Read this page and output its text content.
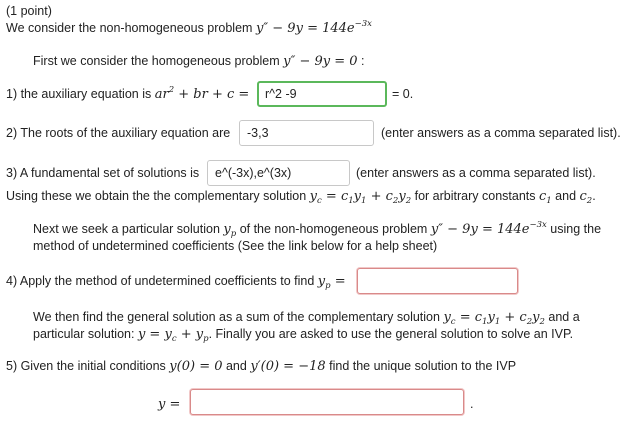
(1 point)
We consider the non-homogeneous problem $y'' - 9y = 144e^{-3x}$
First we consider the homogeneous problem y″ − 9y = 0 :
1) the auxiliary equation is $ar^2$ + br + c =	r^2 -9	= 0.
2) The roots of the auxiliary equation are	-3,3	(enter answers as a comma separated list).
3) A fundamental set of solutions is	e^(-3x),e^(3x)	(enter answers as a comma separated list).
Using these we obtain the the complementary solution $y_c = c_1y_1 + c_2y_2$ for arbitrary constants $c_1$ and $c_2$.
Next we seek a particular solution $y_p$ of the non-homogeneous problem $y'' - 9y = 144e^{-3x}$ using the
method of undetermined coefficients (See the link below for a help sheet)
4) Apply the method of undetermined coefficients to find $y_p$ =
We then find the general solution as a sum of the complementary solution $y_c = c_1y_1 + c_2y_2$ and a
particular solution: $y = y_c + y_p$. Finally you are asked to use the general solution to solve an IVP.
5) Given the initial conditions y(0) = 0 and y′(0) = −18 find the unique solution to the IVP
y =	.
